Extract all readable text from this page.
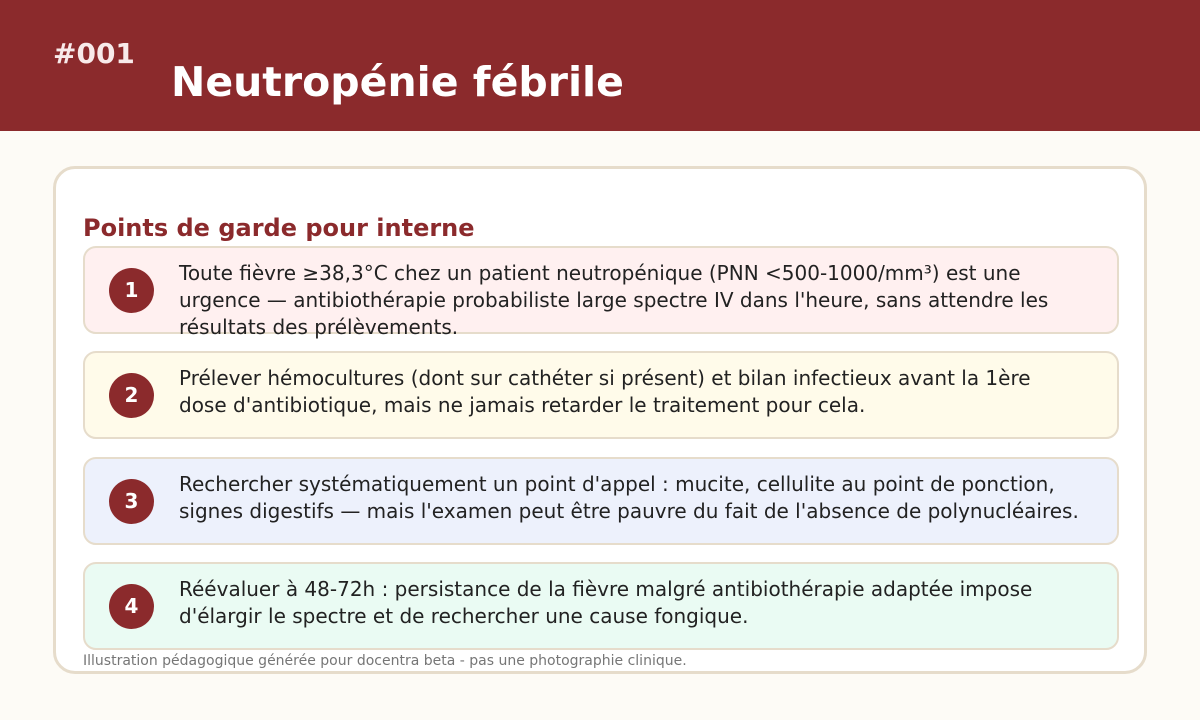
#001
Neutropénie fébrile
Points de garde pour interne
1

Toute fièvre ≥38,3°C chez un patient neutropénique (PNN <500-1000/mm³) est une urgence — antibiothérapie probabiliste large spectre IV dans l'heure, sans attendre les résultats des prélèvements.

2

Prélever hémocultures (dont sur cathéter si présent) et bilan infectieux avant la 1ère dose d'antibiotique, mais ne jamais retarder le traitement pour cela.

3

Rechercher systématiquement un point d'appel : mucite, cellulite au point de ponction, signes digestifs — mais l'examen peut être pauvre du fait de l'absence de polynucléaires.

4

Réévaluer à 48-72h : persistance de la fièvre malgré antibiothérapie adaptée impose d'élargir le spectre et de rechercher une cause fongique.

Illustration pédagogique générée pour docentra beta - pas une photographie clinique.
